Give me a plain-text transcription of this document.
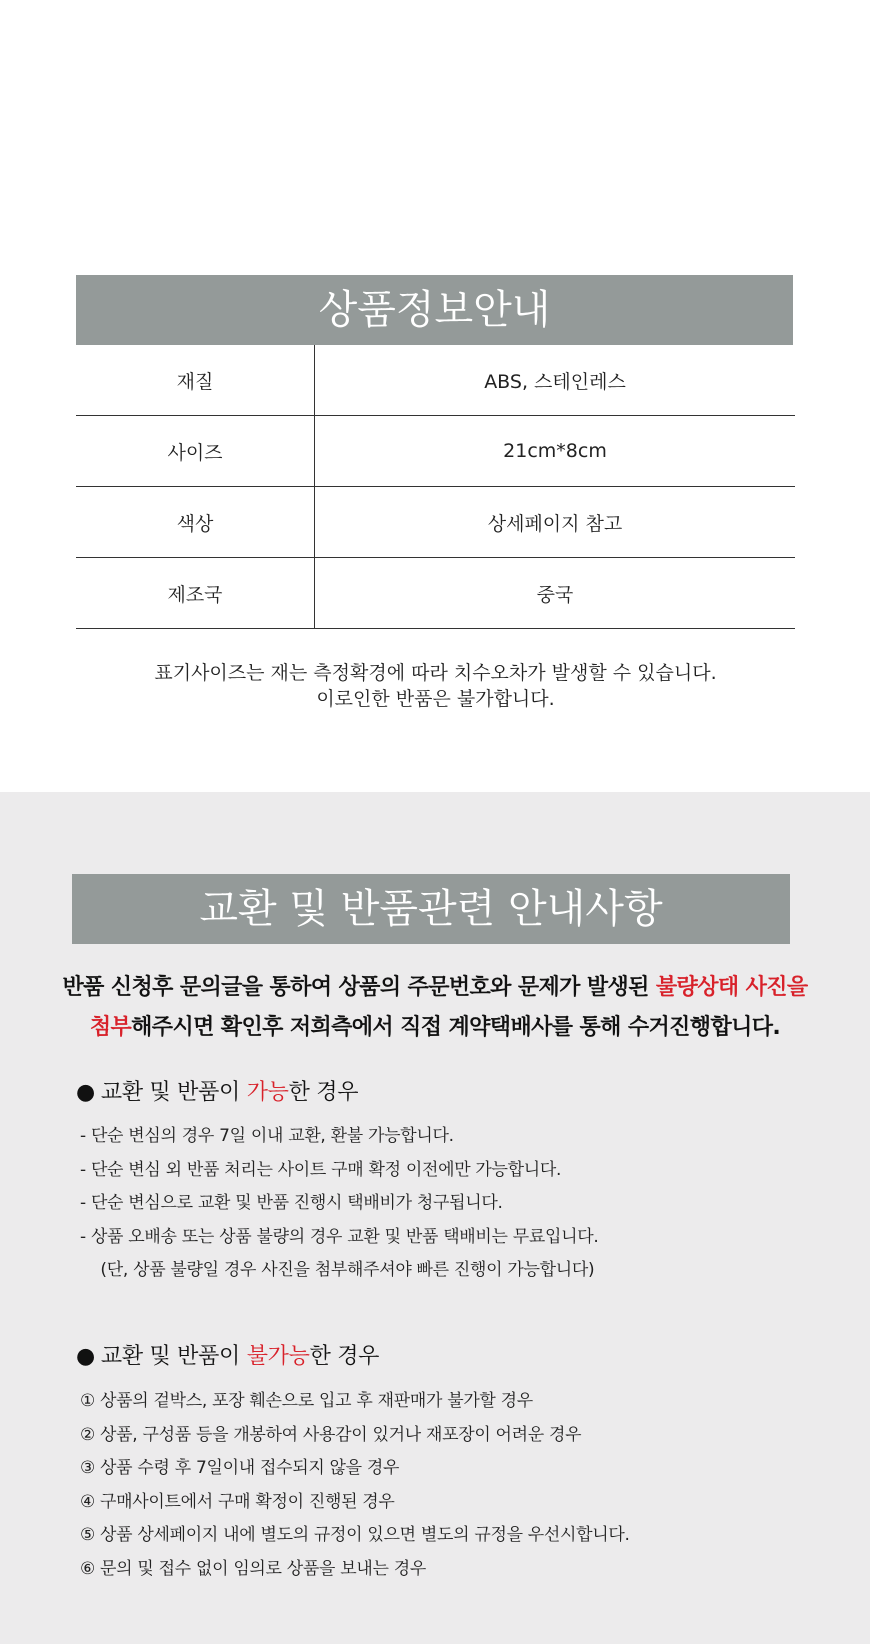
상품정보안내
재질	ABS, 스테인레스
사이즈	21cm*8cm
색상	상세페이지 참고
제조국	중국
표기사이즈는 재는 측정확경에 따라 치수오차가 발생할 수 있습니다.
이로인한 반품은 불가합니다.
교환 및 반품관련 안내사항
반품 신청후 문의글을 통하여 상품의 주문번호와 문제가 발생된 불량상태 사진을
첨부해주시면 확인후 저희측에서 직접 계약택배사를 통해 수거진행합니다.
● 교환 및 반품이 가능한 경우
- 단순 변심의 경우 7일 이내 교환, 환불 가능합니다.
- 단순 변심 외 반품 처리는 사이트 구매 확정 이전에만 가능합니다.
- 단순 변심으로 교환 및 반품 진행시 택배비가 청구됩니다.
- 상품 오배송 또는 상품 불량의 경우 교환 및 반품 택배비는 무료입니다.
(단, 상품 불량일 경우 사진을 첨부해주셔야 빠른 진행이 가능합니다)
● 교환 및 반품이 불가능한 경우
① 상품의 겉박스, 포장 훼손으로 입고 후 재판매가 불가할 경우
② 상품, 구성품 등을 개봉하여 사용감이 있거나 재포장이 어려운 경우
③ 상품 수령 후 7일이내 접수되지 않을 경우
④ 구매사이트에서 구매 확정이 진행된 경우
⑤ 상품 상세페이지 내에 별도의 규정이 있으면 별도의 규정을 우선시합니다.
⑥ 문의 및 접수 없이 임의로 상품을 보내는 경우
